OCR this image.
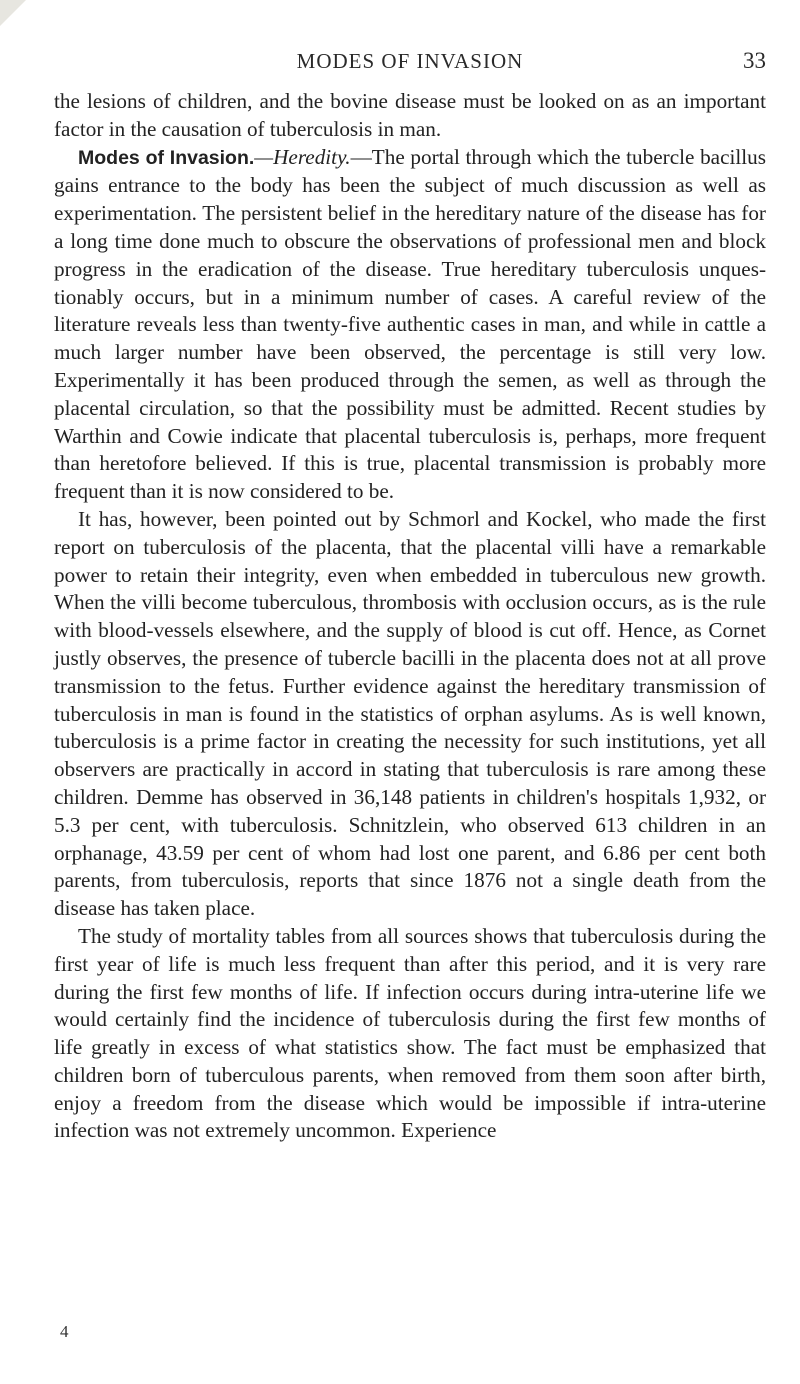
MODES OF INVASION	33

the lesions of children, and the bovine disease must be looked on as an important factor in the causation of tuberculosis in man.

Modes of Invasion.—Heredity.—The portal through which the tubercle bacillus gains entrance to the body has been the subject of much discussion as well as experimentation. The persistent belief in the hereditary nature of the disease has for a long time done much to obscure the observations of professional men and block progress in the eradication of the disease. True hereditary tuberculosis unquestionably occurs, but in a minimum number of cases. A careful review of the literature reveals less than twenty-five authentic cases in man, and while in cattle a much larger number have been observed, the percentage is still very low. Experimentally it has been produced through the semen, as well as through the placental circulation, so that the possibility must be admitted. Recent studies by Warthin and Cowie indicate that placental tuberculosis is, perhaps, more frequent than heretofore believed. If this is true, placental transmission is probably more frequent than it is now considered to be.

It has, however, been pointed out by Schmorl and Kockel, who made the first report on tuberculosis of the placenta, that the placental villi have a remarkable power to retain their integrity, even when embedded in tuberculous new growth. When the villi become tuberculous, thrombosis with occlusion occurs, as is the rule with blood-vessels elsewhere, and the supply of blood is cut off. Hence, as Cornet justly observes, the presence of tubercle bacilli in the placenta does not at all prove transmission to the fetus. Further evidence against the hereditary transmission of tuberculosis in man is found in the statistics of orphan asylums. As is well known, tuberculosis is a prime factor in creating the necessity for such institutions, yet all observers are practically in accord in stating that tuberculosis is rare among these children. Demme has observed in 36,148 patients in children's hospitals 1,932, or 5.3 per cent, with tuberculosis. Schnitzlein, who observed 613 children in an orphanage, 43.59 per cent of whom had lost one parent, and 6.86 per cent both parents, from tuberculosis, reports that since 1876 not a single death from the disease has taken place.

The study of mortality tables from all sources shows that tuberculosis during the first year of life is much less frequent than after this period, and it is very rare during the first few months of life. If infection occurs during intra-uterine life we would certainly find the incidence of tuberculosis during the first few months of life greatly in excess of what statistics show. The fact must be emphasized that children born of tuberculous parents, when removed from them soon after birth, enjoy a freedom from the disease which would be impossible if intra-uterine infection was not extremely uncommon. Experience

4
